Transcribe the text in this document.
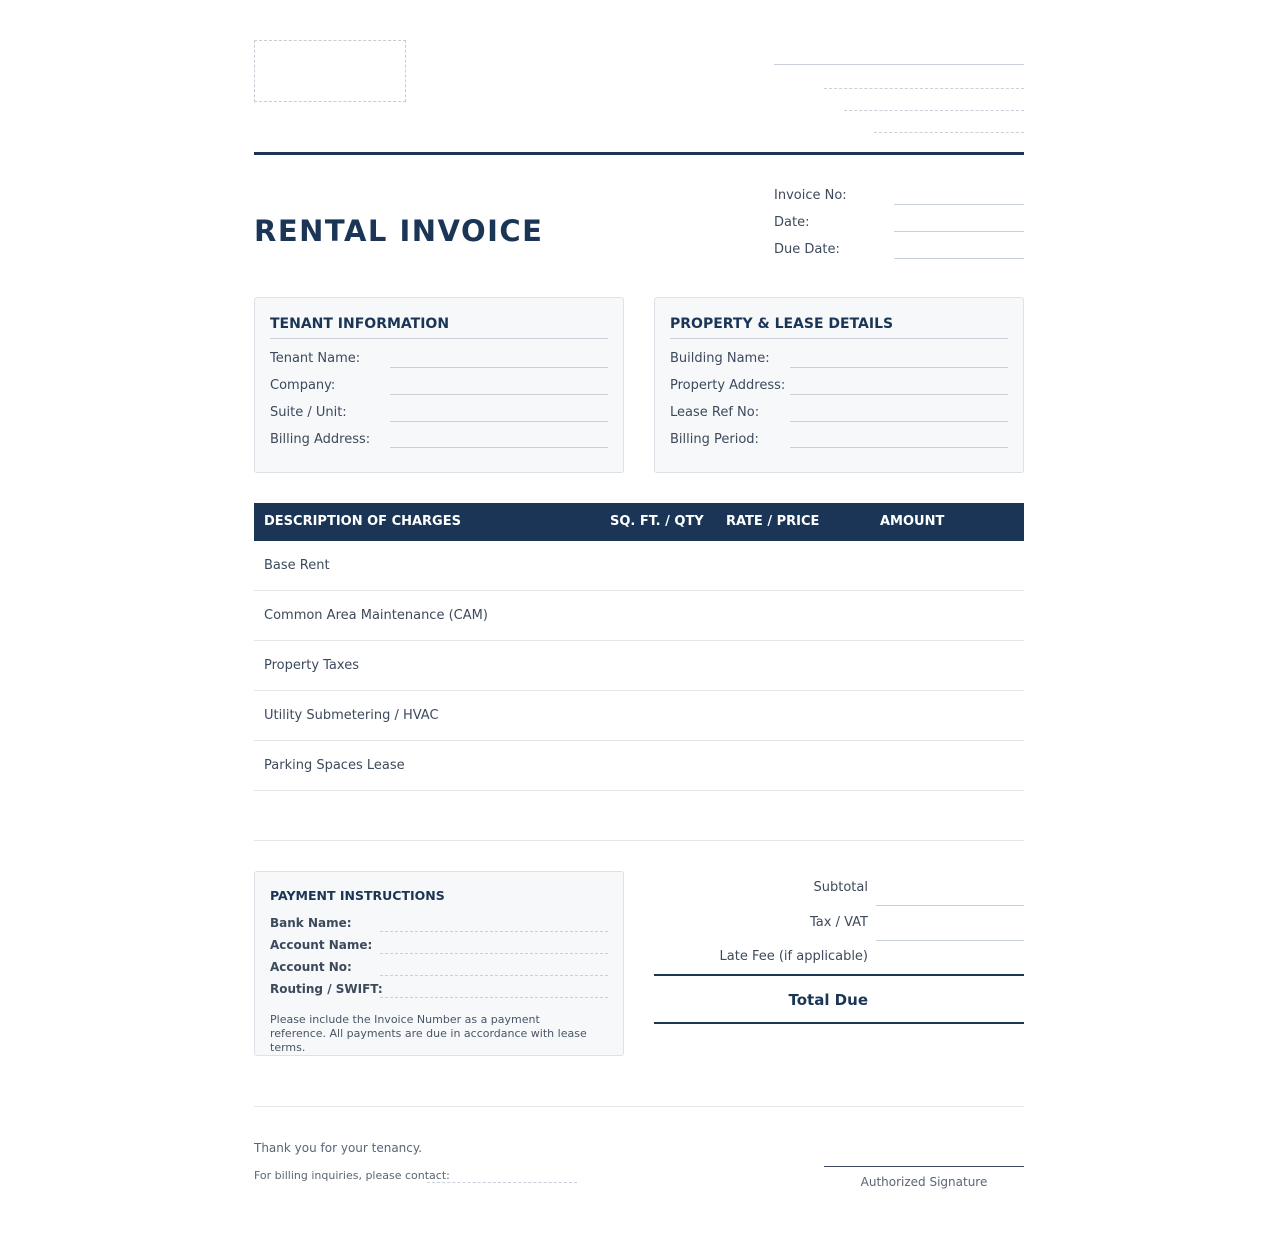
RENTAL INVOICE
Invoice No:
Date:
Due Date:
TENANT INFORMATION
Tenant Name:
Company:
Suite / Unit:
Billing Address:
PROPERTY & LEASE DETAILS
Building Name:
Property Address:
Lease Ref No:
Billing Period:
DESCRIPTION OF CHARGES	SQ. FT. / QTY RATE / PRICE	AMOUNT
Base Rent
Common Area Maintenance (CAM)
Property Taxes
Utility Submetering / HVAC
Parking Spaces Lease
PAYMENT INSTRUCTIONS
Bank Name:
Account Name:
Account No:
Routing / SWIFT:
Please include the Invoice Number as a payment reference. All payments are due in accordance with lease terms.
Subtotal
Tax / VAT
Late Fee (if applicable)
Total Due
Thank you for your tenancy.
For billing inquiries, please contact:	Authorized Signature
